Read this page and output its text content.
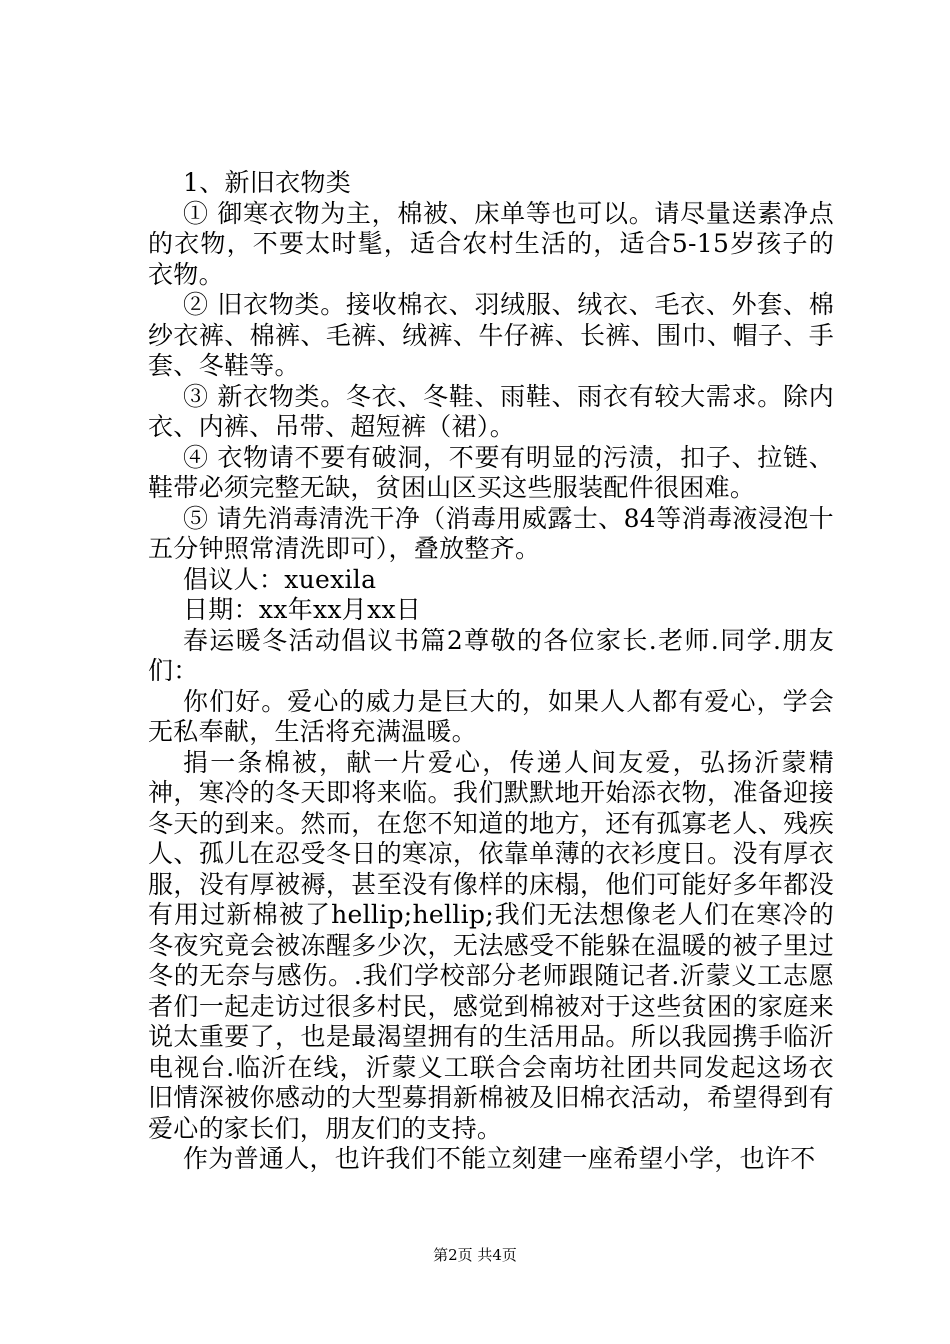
1、新旧衣物类

① 御寒衣物为主，棉被、床单等也可以。请尽量送素净点的衣物，不要太时髦，适合农村生活的，适合5-15岁孩子的衣物。

② 旧衣物类。接收棉衣、羽绒服、绒衣、毛衣、外套、棉纱衣裤、棉裤、毛裤、绒裤、牛仔裤、长裤、围巾、帽子、手套、冬鞋等。

③ 新衣物类。冬衣、冬鞋、雨鞋、雨衣有较大需求。除内衣、内裤、吊带、超短裤（裙）。

④ 衣物请不要有破洞，不要有明显的污渍，扣子、拉链、鞋带必须完整无缺，贫困山区买这些服装配件很困难。

⑤ 请先消毒清洗干净（消毒用威露士、84等消毒液浸泡十五分钟照常清洗即可），叠放整齐。

倡议人：xuexila

日期：xx年xx月xx日

春运暖冬活动倡议书篇2尊敬的各位家长.老师.同学.朋友们：

你们好。爱心的威力是巨大的，如果人人都有爱心，学会无私奉献，生活将充满温暖。

捐一条棉被，献一片爱心，传递人间友爱，弘扬沂蒙精神，寒冷的冬天即将来临。我们默默地开始添衣物，准备迎接冬天的到来。然而，在您不知道的地方，还有孤寡老人、残疾人、孤儿在忍受冬日的寒凉，依靠单薄的衣衫度日。没有厚衣服，没有厚被褥，甚至没有像样的床榻，他们可能好多年都没有用过新棉被了hellip;hellip;我们无法想像老人们在寒冷的冬夜究竟会被冻醒多少次，无法感受不能躲在温暖的被子里过冬的无奈与感伤。.我们学校部分老师跟随记者.沂蒙义工志愿者们一起走访过很多村民，感觉到棉被对于这些贫困的家庭来说太重要了，也是最渴望拥有的生活用品。所以我园携手临沂电视台.临沂在线，沂蒙义工联合会南坊社团共同发起这场衣旧情深被你感动的大型募捐新棉被及旧棉衣活动，希望得到有爱心的家长们，朋友们的支持。

作为普通人，也许我们不能立刻建一座希望小学，也许不

第2页 共4页
